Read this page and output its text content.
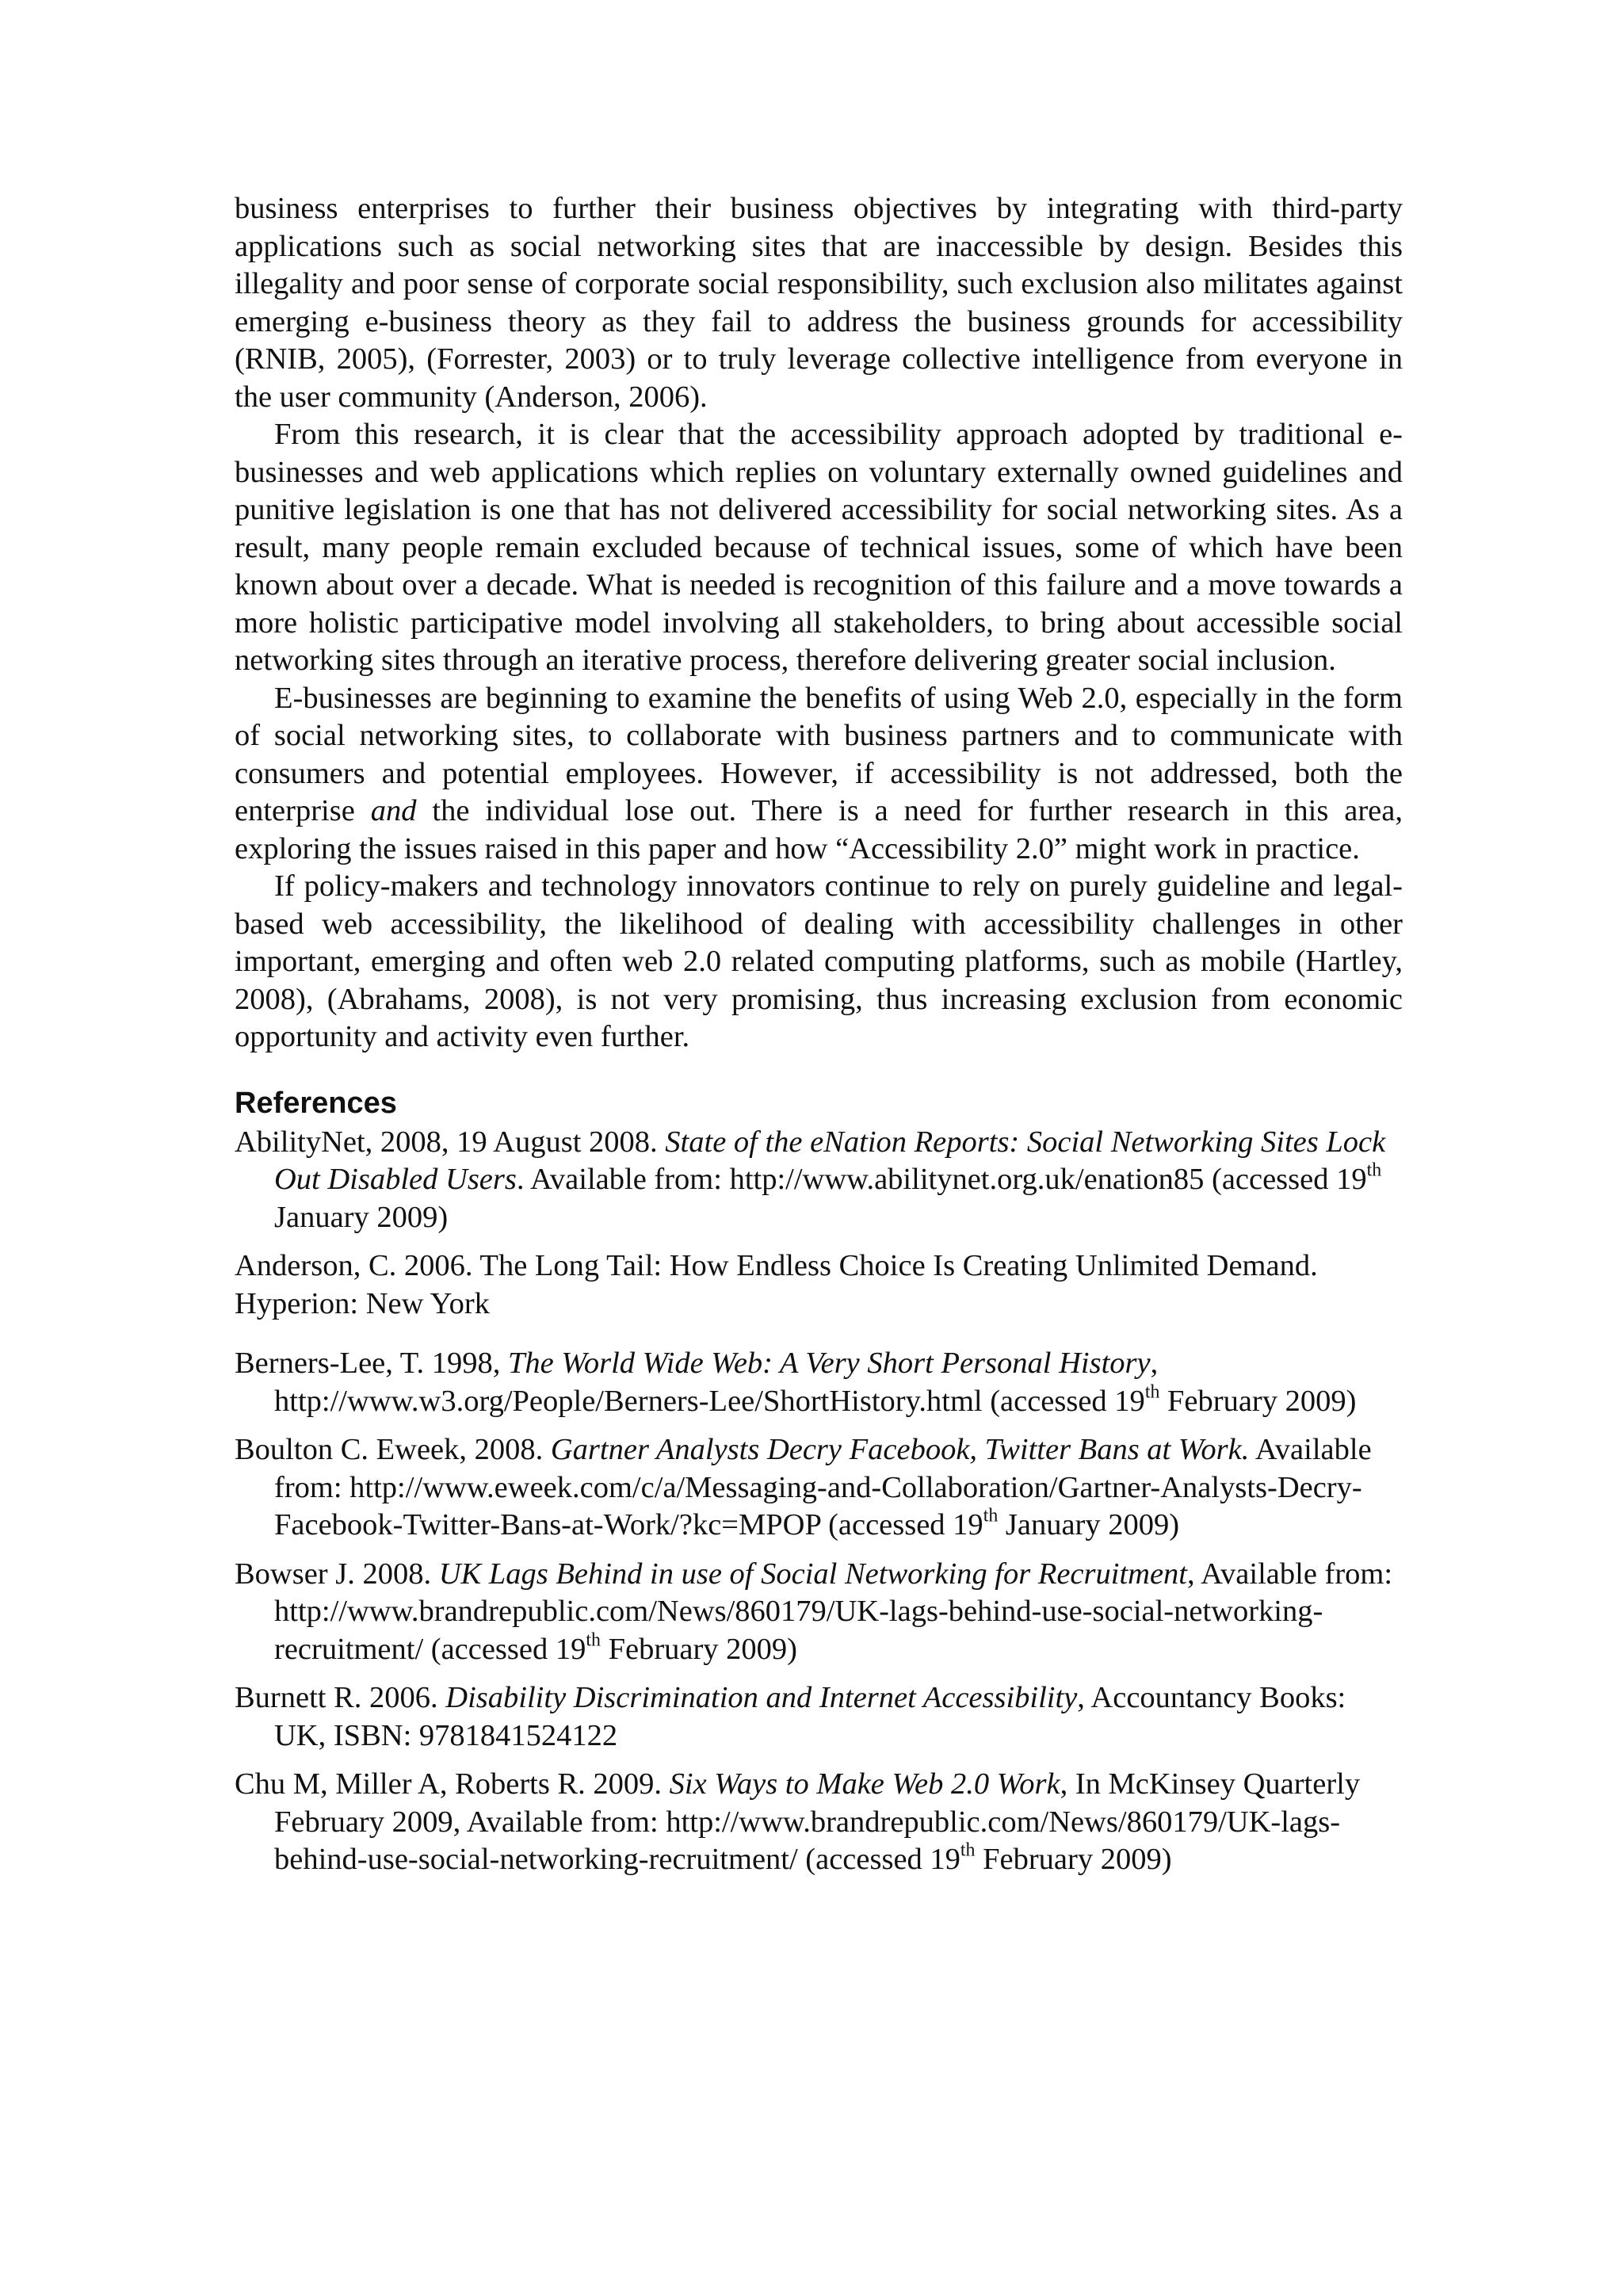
business enterprises to further their business objectives by integrating with third-party applications such as social networking sites that are inaccessible by design. Besides this illegality and poor sense of corporate social responsibility, such exclusion also militates against emerging e-business theory as they fail to address the business grounds for accessibility (RNIB, 2005), (Forrester, 2003) or to truly leverage collective intelligence from everyone in the user community (Anderson, 2006).

From this research, it is clear that the accessibility approach adopted by traditional e-businesses and web applications which replies on voluntary externally owned guidelines and punitive legislation is one that has not delivered accessibility for social networking sites. As a result, many people remain excluded because of technical issues, some of which have been known about over a decade. What is needed is recognition of this failure and a move towards a more holistic participative model involving all stakeholders, to bring about accessible social networking sites through an iterative process, therefore delivering greater social inclusion.

E-businesses are beginning to examine the benefits of using Web 2.0, especially in the form of social networking sites, to collaborate with business partners and to communicate with consumers and potential employees. However, if accessibility is not addressed, both the enterprise and the individual lose out. There is a need for further research in this area, exploring the issues raised in this paper and how “Accessibility 2.0” might work in practice.

If policy-makers and technology innovators continue to rely on purely guideline and legal-based web accessibility, the likelihood of dealing with accessibility challenges in other important, emerging and often web 2.0 related computing platforms, such as mobile (Hartley, 2008), (Abrahams, 2008), is not very promising, thus increasing exclusion from economic opportunity and activity even further.

References

AbilityNet, 2008, 19 August 2008. State of the eNation Reports: Social Networking Sites Lock Out Disabled Users. Available from: http://www.abilitynet.org.uk/enation85 (accessed 19th January 2009)

Anderson, C. 2006. The Long Tail: How Endless Choice Is Creating Unlimited Demand. Hyperion: New York

Berners-Lee, T. 1998, The World Wide Web: A Very Short Personal History, http://www.w3.org/People/Berners-Lee/ShortHistory.html (accessed 19th February 2009)

Boulton C. Eweek, 2008. Gartner Analysts Decry Facebook, Twitter Bans at Work. Available from: http://www.eweek.com/c/a/Messaging-and-Collaboration/Gartner-Analysts-Decry-Facebook-Twitter-Bans-at-Work/?kc=MPOP (accessed 19th January 2009)

Bowser J. 2008. UK Lags Behind in use of Social Networking for Recruitment, Available from: http://www.brandrepublic.com/News/860179/UK-lags-behind-use-social-networking-recruitment/ (accessed 19th February 2009)

Burnett R. 2006. Disability Discrimination and Internet Accessibility, Accountancy Books: UK, ISBN: 9781841524122

Chu M, Miller A, Roberts R. 2009. Six Ways to Make Web 2.0 Work, In McKinsey Quarterly February 2009, Available from: http://www.brandrepublic.com/News/860179/UK-lags-behind-use-social-networking-recruitment/ (accessed 19th February 2009)
